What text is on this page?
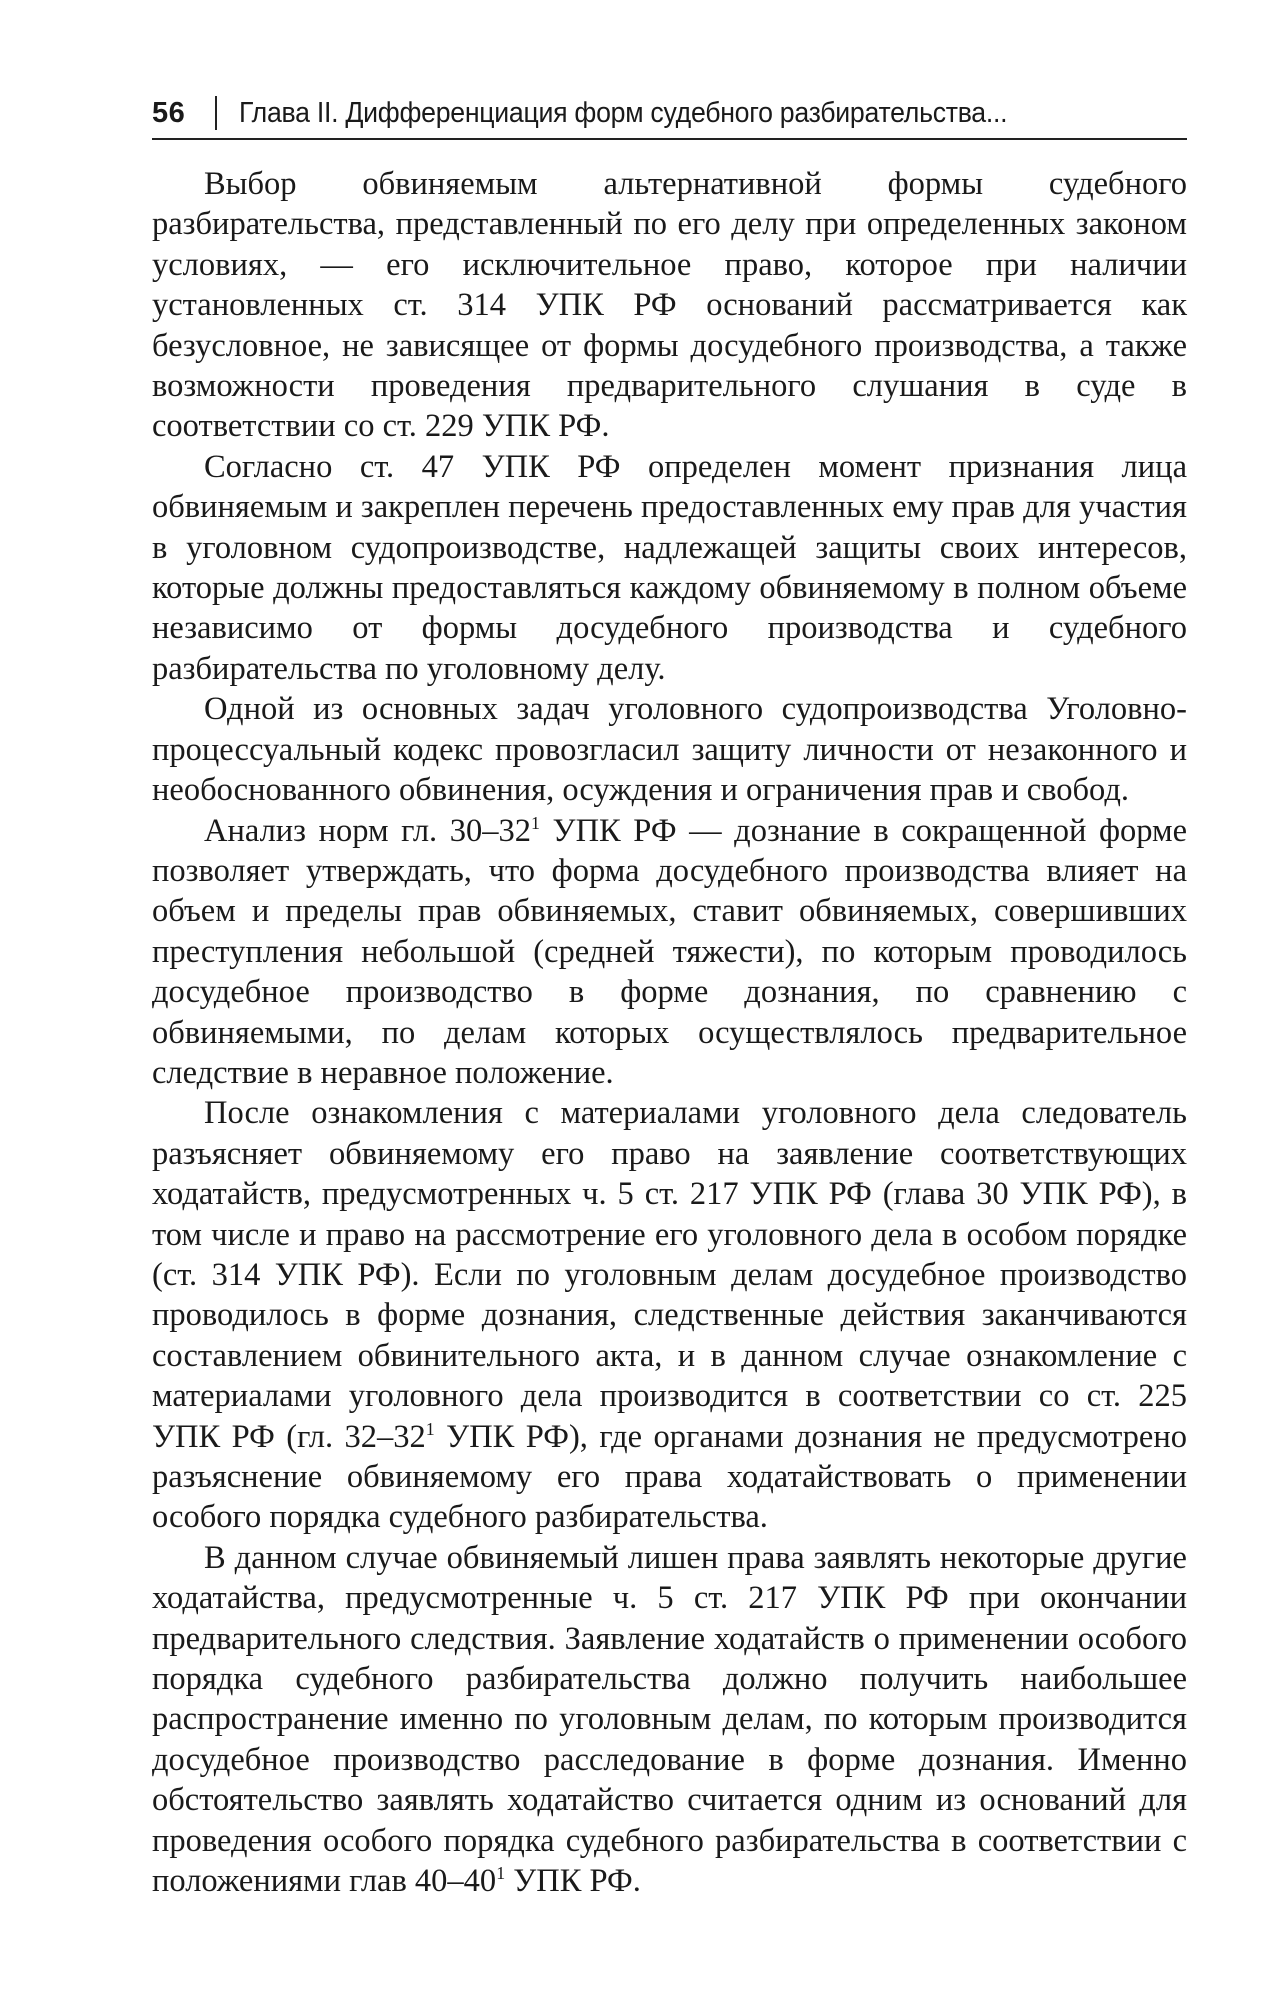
56 Глава II. Дифференциация форм судебного разбирательства...

Выбор обвиняемым альтернативной формы судебного разбирательства, представленный по его делу при определенных законом условиях, — его исключительное право, которое при наличии установленных ст. 314 УПК РФ оснований рассматривается как безусловное, не зависящее от формы досудебного производства, а также возможности проведения предварительного слушания в суде в соответствии со ст. 229 УПК РФ.

Согласно ст. 47 УПК РФ определен момент признания лица обвиняемым и закреплен перечень предоставленных ему прав для участия в уголовном судопроизводстве, надлежащей защиты своих интересов, которые должны предоставляться каждому обвиняемому в полном объеме независимо от формы досудебного производства и судебного разбирательства по уголовному делу.

Одной из основных задач уголовного судопроизводства Уголовно-процессуальный кодекс провозгласил защиту личности от незаконного и необоснованного обвинения, осуждения и ограничения прав и свобод.

Анализ норм гл. $30-32^1$ УПК РФ — дознание в сокращенной форме позволяет утверждать, что форма досудебного производства влияет на объем и пределы прав обвиняемых, ставит обвиняемых, совершивших преступления небольшой (средней тяжести), по которым проводилось досудебное производство в форме дознания, по сравнению с обвиняемыми, по делам которых осуществлялось предварительное следствие в неравное положение.

После ознакомления с материалами уголовного дела следователь разъясняет обвиняемому его право на заявление соответствующих ходатайств, предусмотренных ч. 5 ст. 217 УПК РФ (глава 30 УПК РФ), в том числе и право на рассмотрение его уголовного дела в особом порядке (ст. 314 УПК РФ). Если по уголовным делам досудебное производство проводилось в форме дознания, следственные действия заканчиваются составлением обвинительного акта, и в данном случае ознакомление с материалами уголовного дела производится в соответствии со ст. 225 УПК РФ (гл. $32-32^1$ УПК РФ), где органами дознания не предусмотрено разъяснение обвиняемому его права ходатайствовать о применении особого порядка судебного разбирательства.

В данном случае обвиняемый лишен права заявлять некоторые другие ходатайства, предусмотренные ч. 5 ст. 217 УПК РФ при окончании предварительного следствия. Заявление ходатайств о применении особого порядка судебного разбирательства должно получить наибольшее распространение именно по уголовным делам, по которым производится досудебное производство расследование в форме дознания. Именно обстоятельство заявлять ходатайство считается одним из оснований для проведения особого порядка судебного разбирательства в соответствии с положениями глав $40-40^1$ УПК РФ.
